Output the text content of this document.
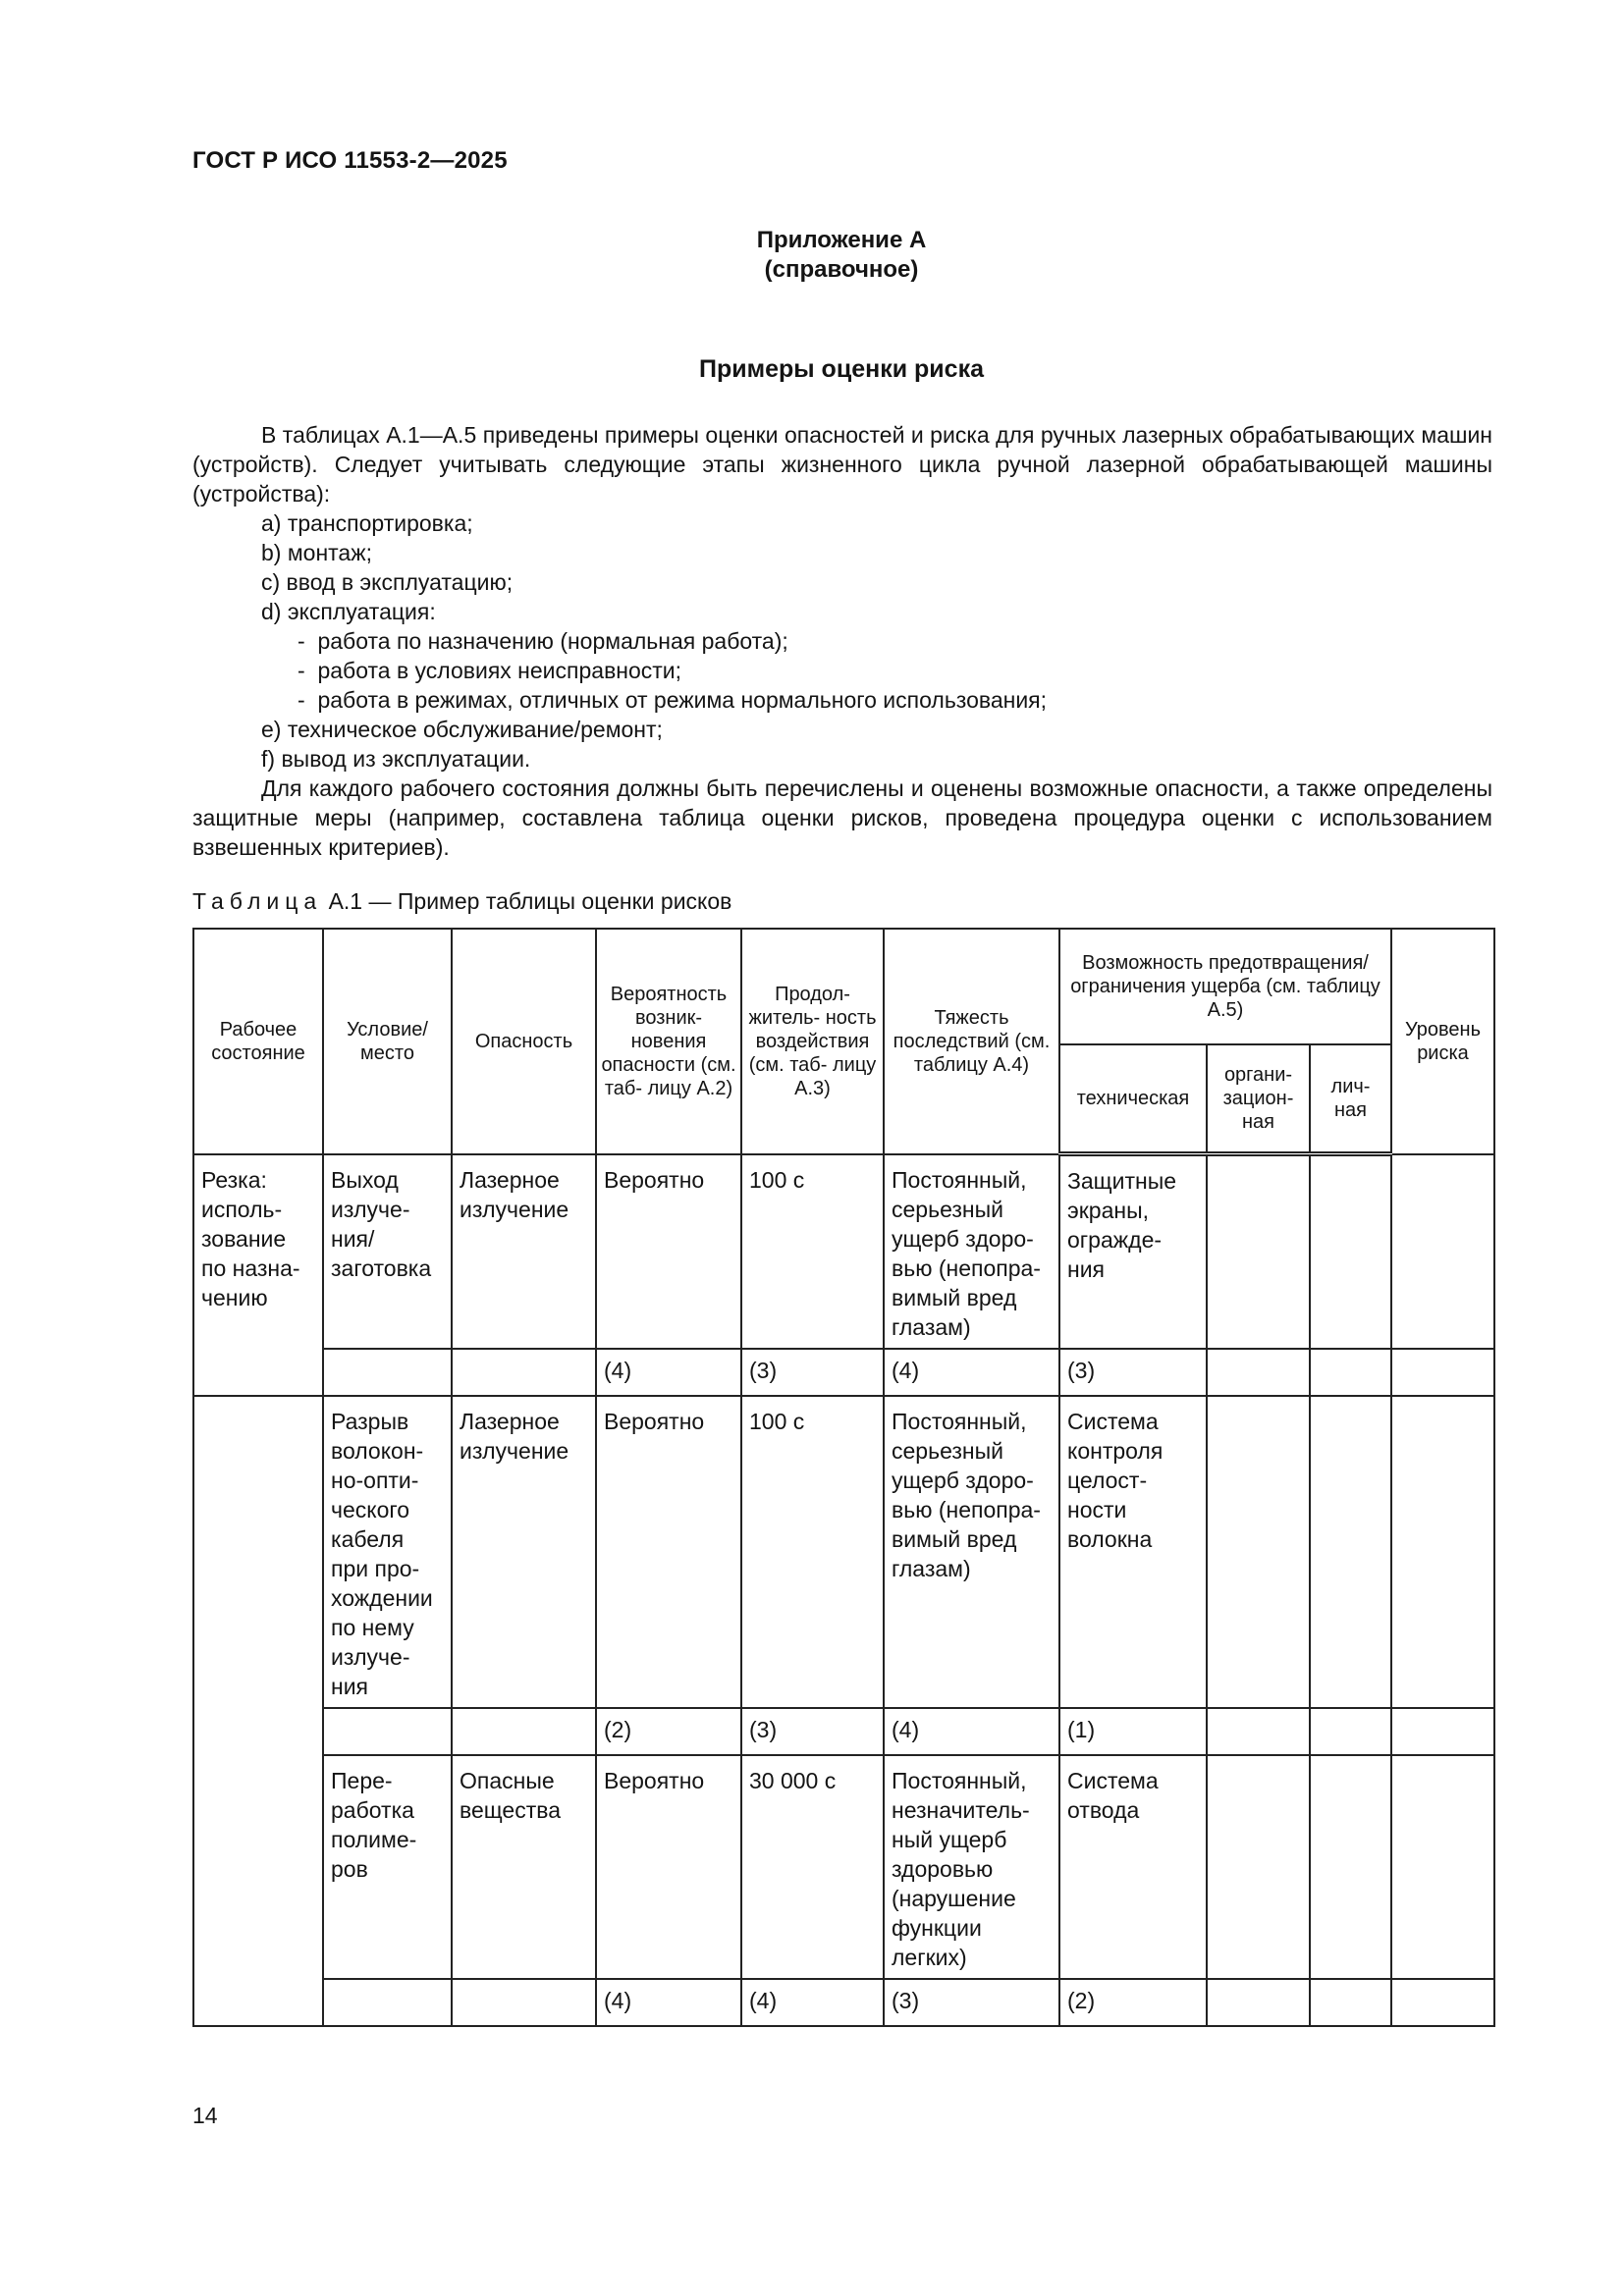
ГОСТ Р ИСО 11553-2—2025
Приложение А
(справочное)
Примеры оценки риска

В таблицах А.1—А.5 приведены примеры оценки опасностей и риска для ручных лазерных обрабатывающих машин (устройств). Следует учитывать следующие этапы жизненного цикла ручной лазерной обрабатывающей машины (устройства):

а) транспортировка;
b) монтаж;
с) ввод в эксплуатацию;
d) эксплуатация:
-  работа по назначению (нормальная работа);
-  работа в условиях неисправности;
-  работа в режимах, отличных от режима нормального использования;
е) техническое обслуживание/ремонт;
f) вывод из эксплуатации.

Для каждого рабочего состояния должны быть перечислены и оценены возможные опасности, а также определены защитные меры (например, составлена таблица оценки рисков, проведена процедура оценки с использованием взвешенных критериев).

Таблица А.1 — Пример таблицы оценки рисков
Рабочее состояние	Условие/ место	Опасность	Вероятность возник- новения опасности (см. таб- лицу А.2)	Продол- житель- ность воздействия (см. таб- лицу А.3)	Тяжесть последствий (см. таблицу А.4)	Возможность предотвращения/ограничения ущерба (см. таблицу А.5)			Уровень риска
						техническая	органи- зацион- ная	лич- ная	
Резка: исполь- зование по назна- чению	Выход излуче- ния/ заготовка	Лазерное излучение	Вероятно	100 с	Постоянный, серьезный ущерб здоро- вью (непопра- вимый вред глазам)	Защитные экраны, огражде- ния			
			(4)	(3)	(4)	(3)			
	Разрыв волокон- но-опти- ческого кабеля при про- хождении по нему излуче- ния	Лазерное излучение	Вероятно	100 с	Постоянный, серьезный ущерб здоро- вью (непопра- вимый вред глазам)	Система контроля целост- ности волокна			
			(2)	(3)	(4)	(1)			
	Пере- работка полиме- ров	Опасные вещества	Вероятно	30 000 с	Постоянный, незначитель- ный ущерб здоровью (нарушение функции легких)	Система отвода			
			(4)	(4)	(3)	(2)			
14
